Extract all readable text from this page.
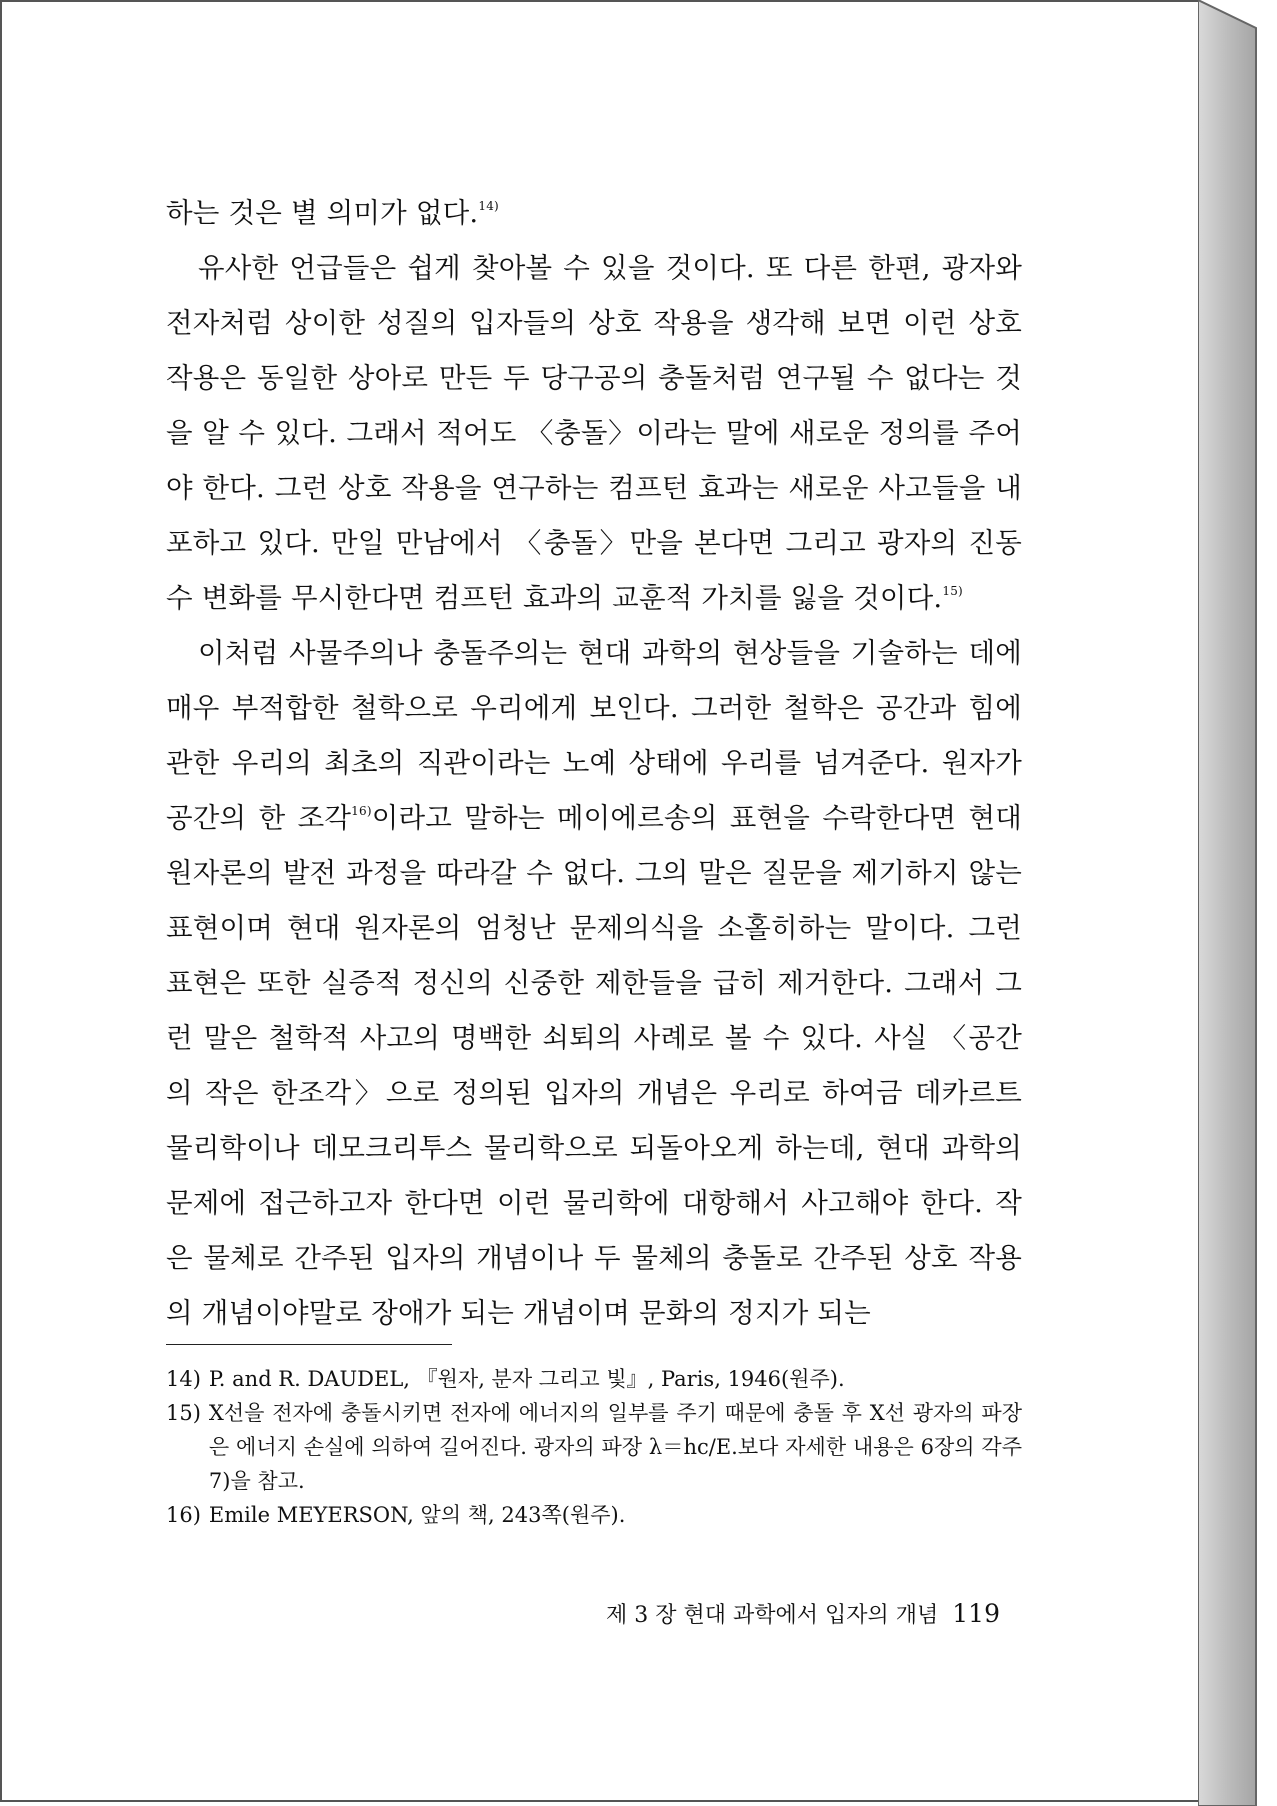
하는 것은 별 의미가 없다.$^{14)}$

유사한 언급들은 쉽게 찾아볼 수 있을 것이다. 또 다른 한편, 광자와 전자처럼 상이한 성질의 입자들의 상호 작용을 생각해 보면 이런 상호 작용은 동일한 상아로 만든 두 당구공의 충돌처럼 연구될 수 없다는 것을 알 수 있다. 그래서 적어도 〈충돌〉이라는 말에 새로운 정의를 주어야 한다. 그런 상호 작용을 연구하는 컴프턴 효과는 새로운 사고들을 내포하고 있다. 만일 만남에서 〈충돌〉만을 본다면 그리고 광자의 진동수 변화를 무시한다면 컴프턴 효과의 교훈적 가치를 잃을 것이다.$^{15)}$

이처럼 사물주의나 충돌주의는 현대 과학의 현상들을 기술하는 데에 매우 부적합한 철학으로 우리에게 보인다. 그러한 철학은 공간과 힘에 관한 우리의 최초의 직관이라는 노예 상태에 우리를 넘겨준다. 원자가 공간의 한 조각$^{16)}$이라고 말하는 메이에르송의 표현을 수락한다면 현대 원자론의 발전 과정을 따라갈 수 없다. 그의 말은 질문을 제기하지 않는 표현이며 현대 원자론의 엄청난 문제의식을 소홀히하는 말이다. 그런 표현은 또한 실증적 정신의 신중한 제한들을 급히 제거한다. 그래서 그런 말은 철학적 사고의 명백한 쇠퇴의 사례로 볼 수 있다. 사실 〈공간의 작은 한조각〉으로 정의된 입자의 개념은 우리로 하여금 데카르트 물리학이나 데모크리투스 물리학으로 되돌아오게 하는데, 현대 과학의 문제에 접근하고자 한다면 이런 물리학에 대항해서 사고해야 한다. 작은 물체로 간주된 입자의 개념이나 두 물체의 충돌로 간주된 상호 작용의 개념이야말로 장애가 되는 개념이며 문화의 정지가 되는

14) P. and R. DAUDEL, 『원자, 분자 그리고 빛』, Paris, 1946(원주).
15) X선을 전자에 충돌시키면 전자에 에너지의 일부를 주기 때문에 충돌 후 X선 광자의 파장은 에너지 손실에 의하여 길어진다. 광자의 파장 λ＝hc/E.보다 자세한 내용은 6장의 각주 7)을 참고.
16) Emile MEYERSON, 앞의 책, 243쪽(원주).
제 3 장 현대 과학에서 입자의 개념 119
